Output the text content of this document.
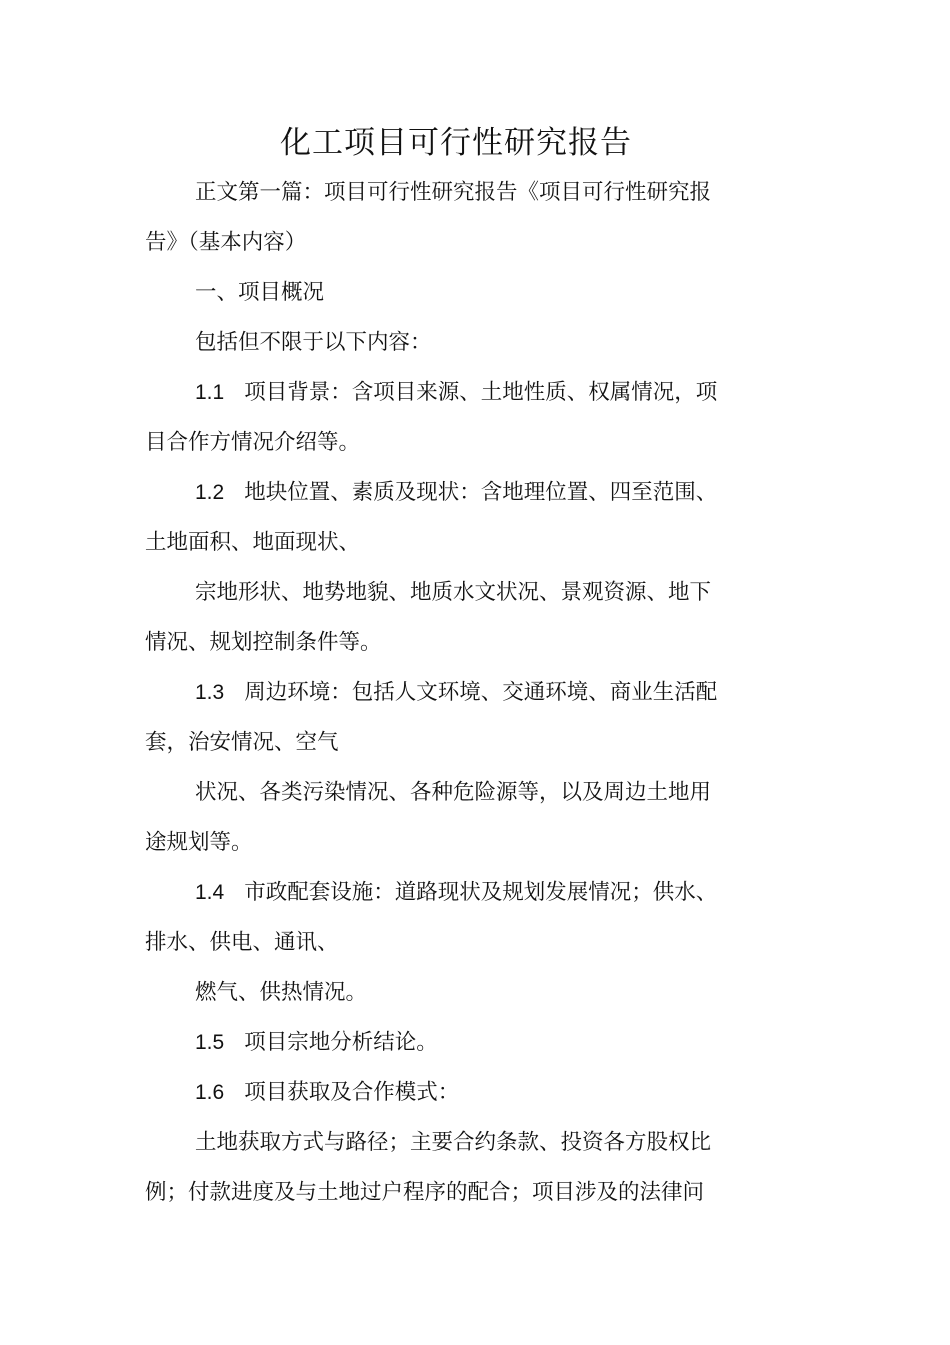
化工项目可行性研究报告

正文第一篇：项目可行性研究报告《项目可行性研究报
告》（基本内容）

一、项目概况

包括但不限于以下内容：

1.1 项目背景：含项目来源、土地性质、权属情况，项
目合作方情况介绍等。

1.2 地块位置、素质及现状：含地理位置、四至范围、
土地面积、地面现状、

宗地形状、地势地貌、地质水文状况、景观资源、地下
情况、规划控制条件等。

1.3 周边环境：包括人文环境、交通环境、商业生活配
套，治安情况、空气

状况、各类污染情况、各种危险源等，以及周边土地用
途规划等。

1.4 市政配套设施：道路现状及规划发展情况；供水、
排水、供电、通讯、

燃气、供热情况。

1.5 项目宗地分析结论。

1.6 项目获取及合作模式：

土地获取方式与路径；主要合约条款、投资各方股权比
例；付款进度及与土地过户程序的配合；项目涉及的法律问
